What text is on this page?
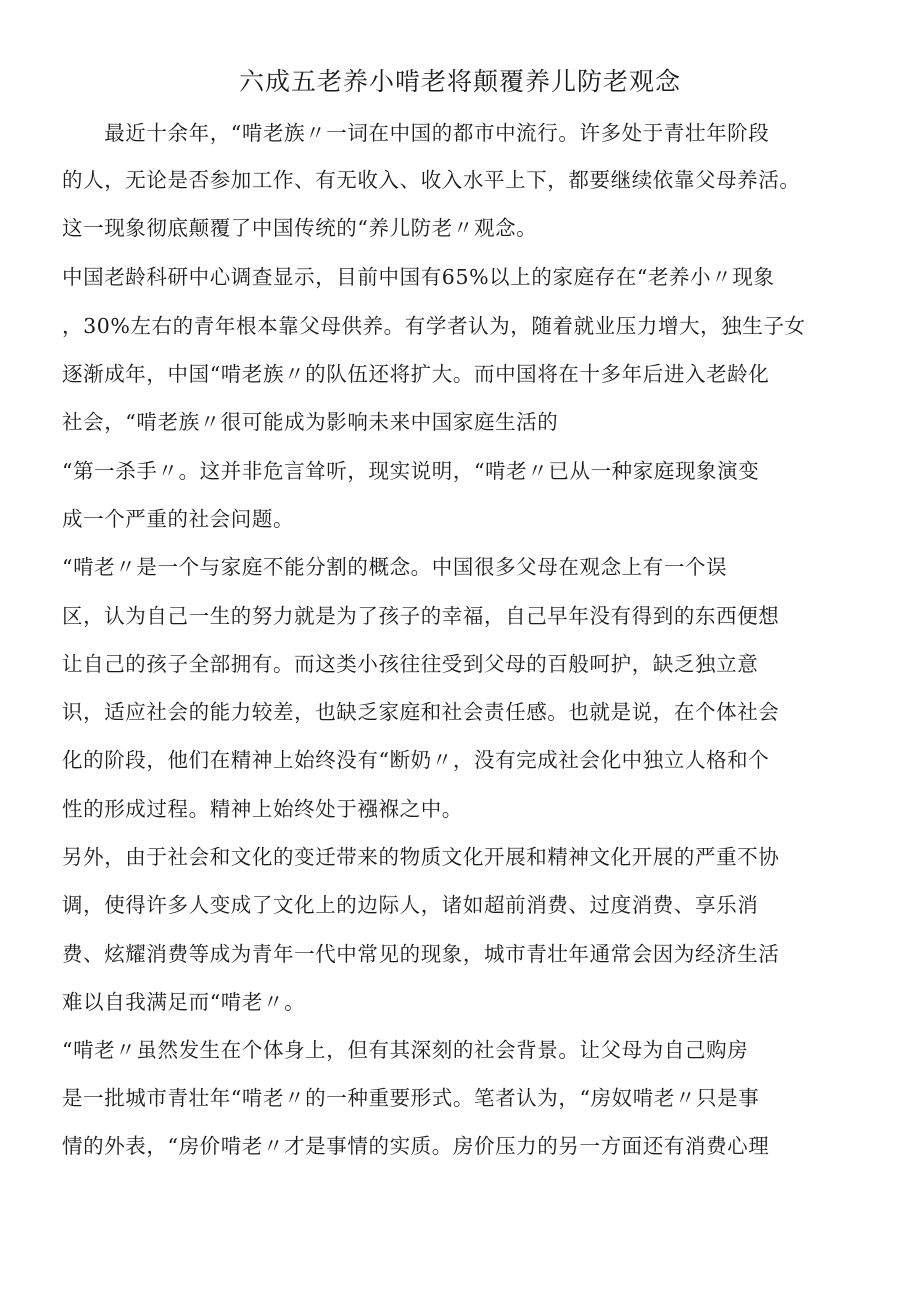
六成五老养小啃老将颠覆养儿防老观念
　　最近十余年，“啃老族〃一词在中国的都市中流行。许多处于青壮年阶段
的人，无论是否参加工作、有无收入、收入水平上下，都要继续依靠父母养活。
这一现象彻底颠覆了中国传统的“养儿防老〃观念。
中国老龄科研中心调查显示，目前中国有65%以上的家庭存在“老养小〃现象
，30%左右的青年根本靠父母供养。有学者认为，随着就业压力增大，独生子女
逐渐成年，中国“啃老族〃的队伍还将扩大。而中国将在十多年后进入老龄化
社会，“啃老族〃很可能成为影响未来中国家庭生活的
“第一杀手〃。这并非危言耸听，现实说明，“啃老〃已从一种家庭现象演变
成一个严重的社会问题。
“啃老〃是一个与家庭不能分割的概念。中国很多父母在观念上有一个误
区，认为自己一生的努力就是为了孩子的幸福，自己早年没有得到的东西便想
让自己的孩子全部拥有。而这类小孩往往受到父母的百般呵护，缺乏独立意
识，适应社会的能力较差，也缺乏家庭和社会责任感。也就是说，在个体社会
化的阶段，他们在精神上始终没有“断奶〃，没有完成社会化中独立人格和个
性的形成过程。精神上始终处于襁褓之中。
另外，由于社会和文化的变迁带来的物质文化开展和精神文化开展的严重不协
调，使得许多人变成了文化上的边际人，诸如超前消费、过度消费、享乐消
费、炫耀消费等成为青年一代中常见的现象，城市青壮年通常会因为经济生活
难以自我满足而“啃老〃。
“啃老〃虽然发生在个体身上，但有其深刻的社会背景。让父母为自己购房
是一批城市青壮年“啃老〃的一种重要形式。笔者认为，“房奴啃老〃只是事
情的外表，“房价啃老〃才是事情的实质。房价压力的另一方面还有消费心理
